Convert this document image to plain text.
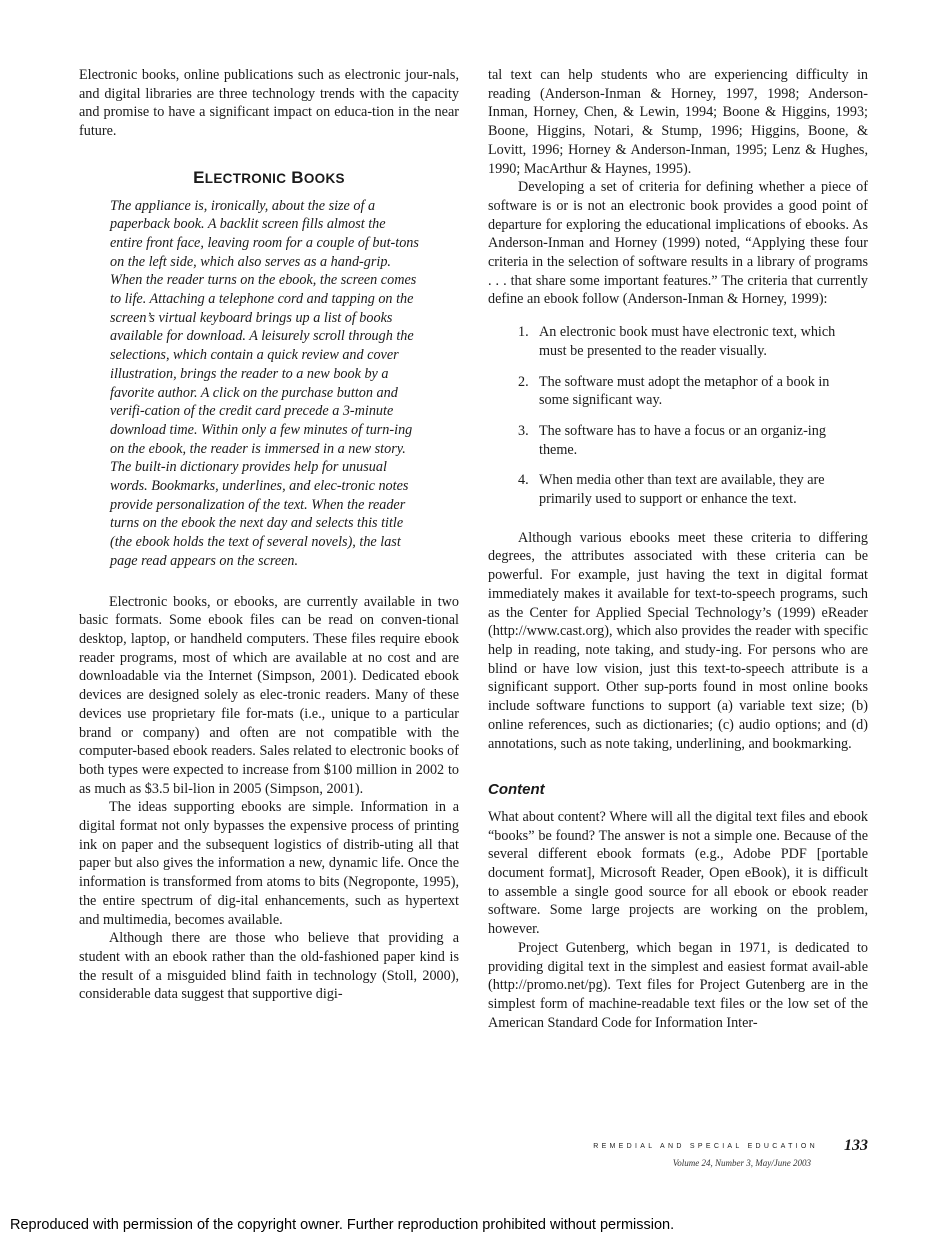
Electronic books, online publications such as electronic jour-nals, and digital libraries are three technology trends with the capacity and promise to have a significant impact on educa-tion in the near future.

ELECTRONIC BOOKS

The appliance is, ironically, about the size of a paperback book. A backlit screen fills almost the entire front face, leaving room for a couple of but-tons on the left side, which also serves as a hand-grip. When the reader turns on the ebook, the screen comes to life. Attaching a telephone cord and tapping on the screen’s virtual keyboard brings up a list of books available for download. A leisurely scroll through the selections, which contain a quick review and cover illustration, brings the reader to a new book by a favorite author. A click on the purchase button and verifi-cation of the credit card precede a 3-minute download time. Within only a few minutes of turn-ing on the ebook, the reader is immersed in a new story. The built-in dictionary provides help for unusual words. Bookmarks, underlines, and elec-tronic notes provide personalization of the text. When the reader turns on the ebook the next day and selects this title (the ebook holds the text of several novels), the last page read appears on the screen.

Electronic books, or ebooks, are currently available in two basic formats. Some ebook files can be read on conven-tional desktop, laptop, or handheld computers. These files require ebook reader programs, most of which are available at no cost and are downloadable via the Internet (Simpson, 2001). Dedicated ebook devices are designed solely as elec-tronic readers. Many of these devices use proprietary file for-mats (i.e., unique to a particular brand or company) and often are not compatible with the computer-based ebook readers. Sales related to electronic books of both types were expected to increase from $100 million in 2002 to as much as $3.5 bil-lion in 2005 (Simpson, 2001).

The ideas supporting ebooks are simple. Information in a digital format not only bypasses the expensive process of printing ink on paper and the subsequent logistics of distrib-uting all that paper but also gives the information a new, dynamic life. Once the information is transformed from atoms to bits (Negroponte, 1995), the entire spectrum of dig-ital enhancements, such as hypertext and multimedia, becomes available.

Although there are those who believe that providing a student with an ebook rather than the old-fashioned paper kind is the result of a misguided blind faith in technology (Stoll, 2000), considerable data suggest that supportive digi-

tal text can help students who are experiencing difficulty in reading (Anderson-Inman & Horney, 1997, 1998; Anderson-Inman, Horney, Chen, & Lewin, 1994; Boone & Higgins, 1993; Boone, Higgins, Notari, & Stump, 1996; Higgins, Boone, & Lovitt, 1996; Horney & Anderson-Inman, 1995; Lenz & Hughes, 1990; MacArthur & Haynes, 1995).

Developing a set of criteria for defining whether a piece of software is or is not an electronic book provides a good point of departure for exploring the educational implications of ebooks. As Anderson-Inman and Horney (1999) noted, “Applying these four criteria in the selection of software results in a library of programs . . . that share some important features.” The criteria that currently define an ebook follow (Anderson-Inman & Horney, 1999):

1. An electronic book must have electronic text, which must be presented to the reader visually.
2. The software must adopt the metaphor of a book in some significant way.
3. The software has to have a focus or an organiz-ing theme.
4. When media other than text are available, they are primarily used to support or enhance the text.

Although various ebooks meet these criteria to differing degrees, the attributes associated with these criteria can be powerful. For example, just having the text in digital format immediately makes it available for text-to-speech programs, such as the Center for Applied Special Technology’s (1999) eReader (http://www.cast.org), which also provides the reader with specific help in reading, note taking, and study-ing. For persons who are blind or have low vision, just this text-to-speech attribute is a significant support. Other sup-ports found in most online books include software functions to support (a) variable text size; (b) online references, such as dictionaries; (c) audio options; and (d) annotations, such as note taking, underlining, and bookmarking.

Content

What about content? Where will all the digital text files and ebook “books” be found? The answer is not a simple one. Because of the several different ebook formats (e.g., Adobe PDF [portable document format], Microsoft Reader, Open eBook), it is difficult to assemble a single good source for all ebook or ebook reader software. Some large projects are working on the problem, however.

Project Gutenberg, which began in 1971, is dedicated to providing digital text in the simplest and easiest format avail-able (http://promo.net/pg). Text files for Project Gutenberg are in the simplest form of machine-readable text files or the low set of the American Standard Code for Information Inter-

REMEDIAL AND SPECIAL EDUCATION 133
Volume 24, Number 3, May/June 2003
Reproduced with permission of the copyright owner. Further reproduction prohibited without permission.
